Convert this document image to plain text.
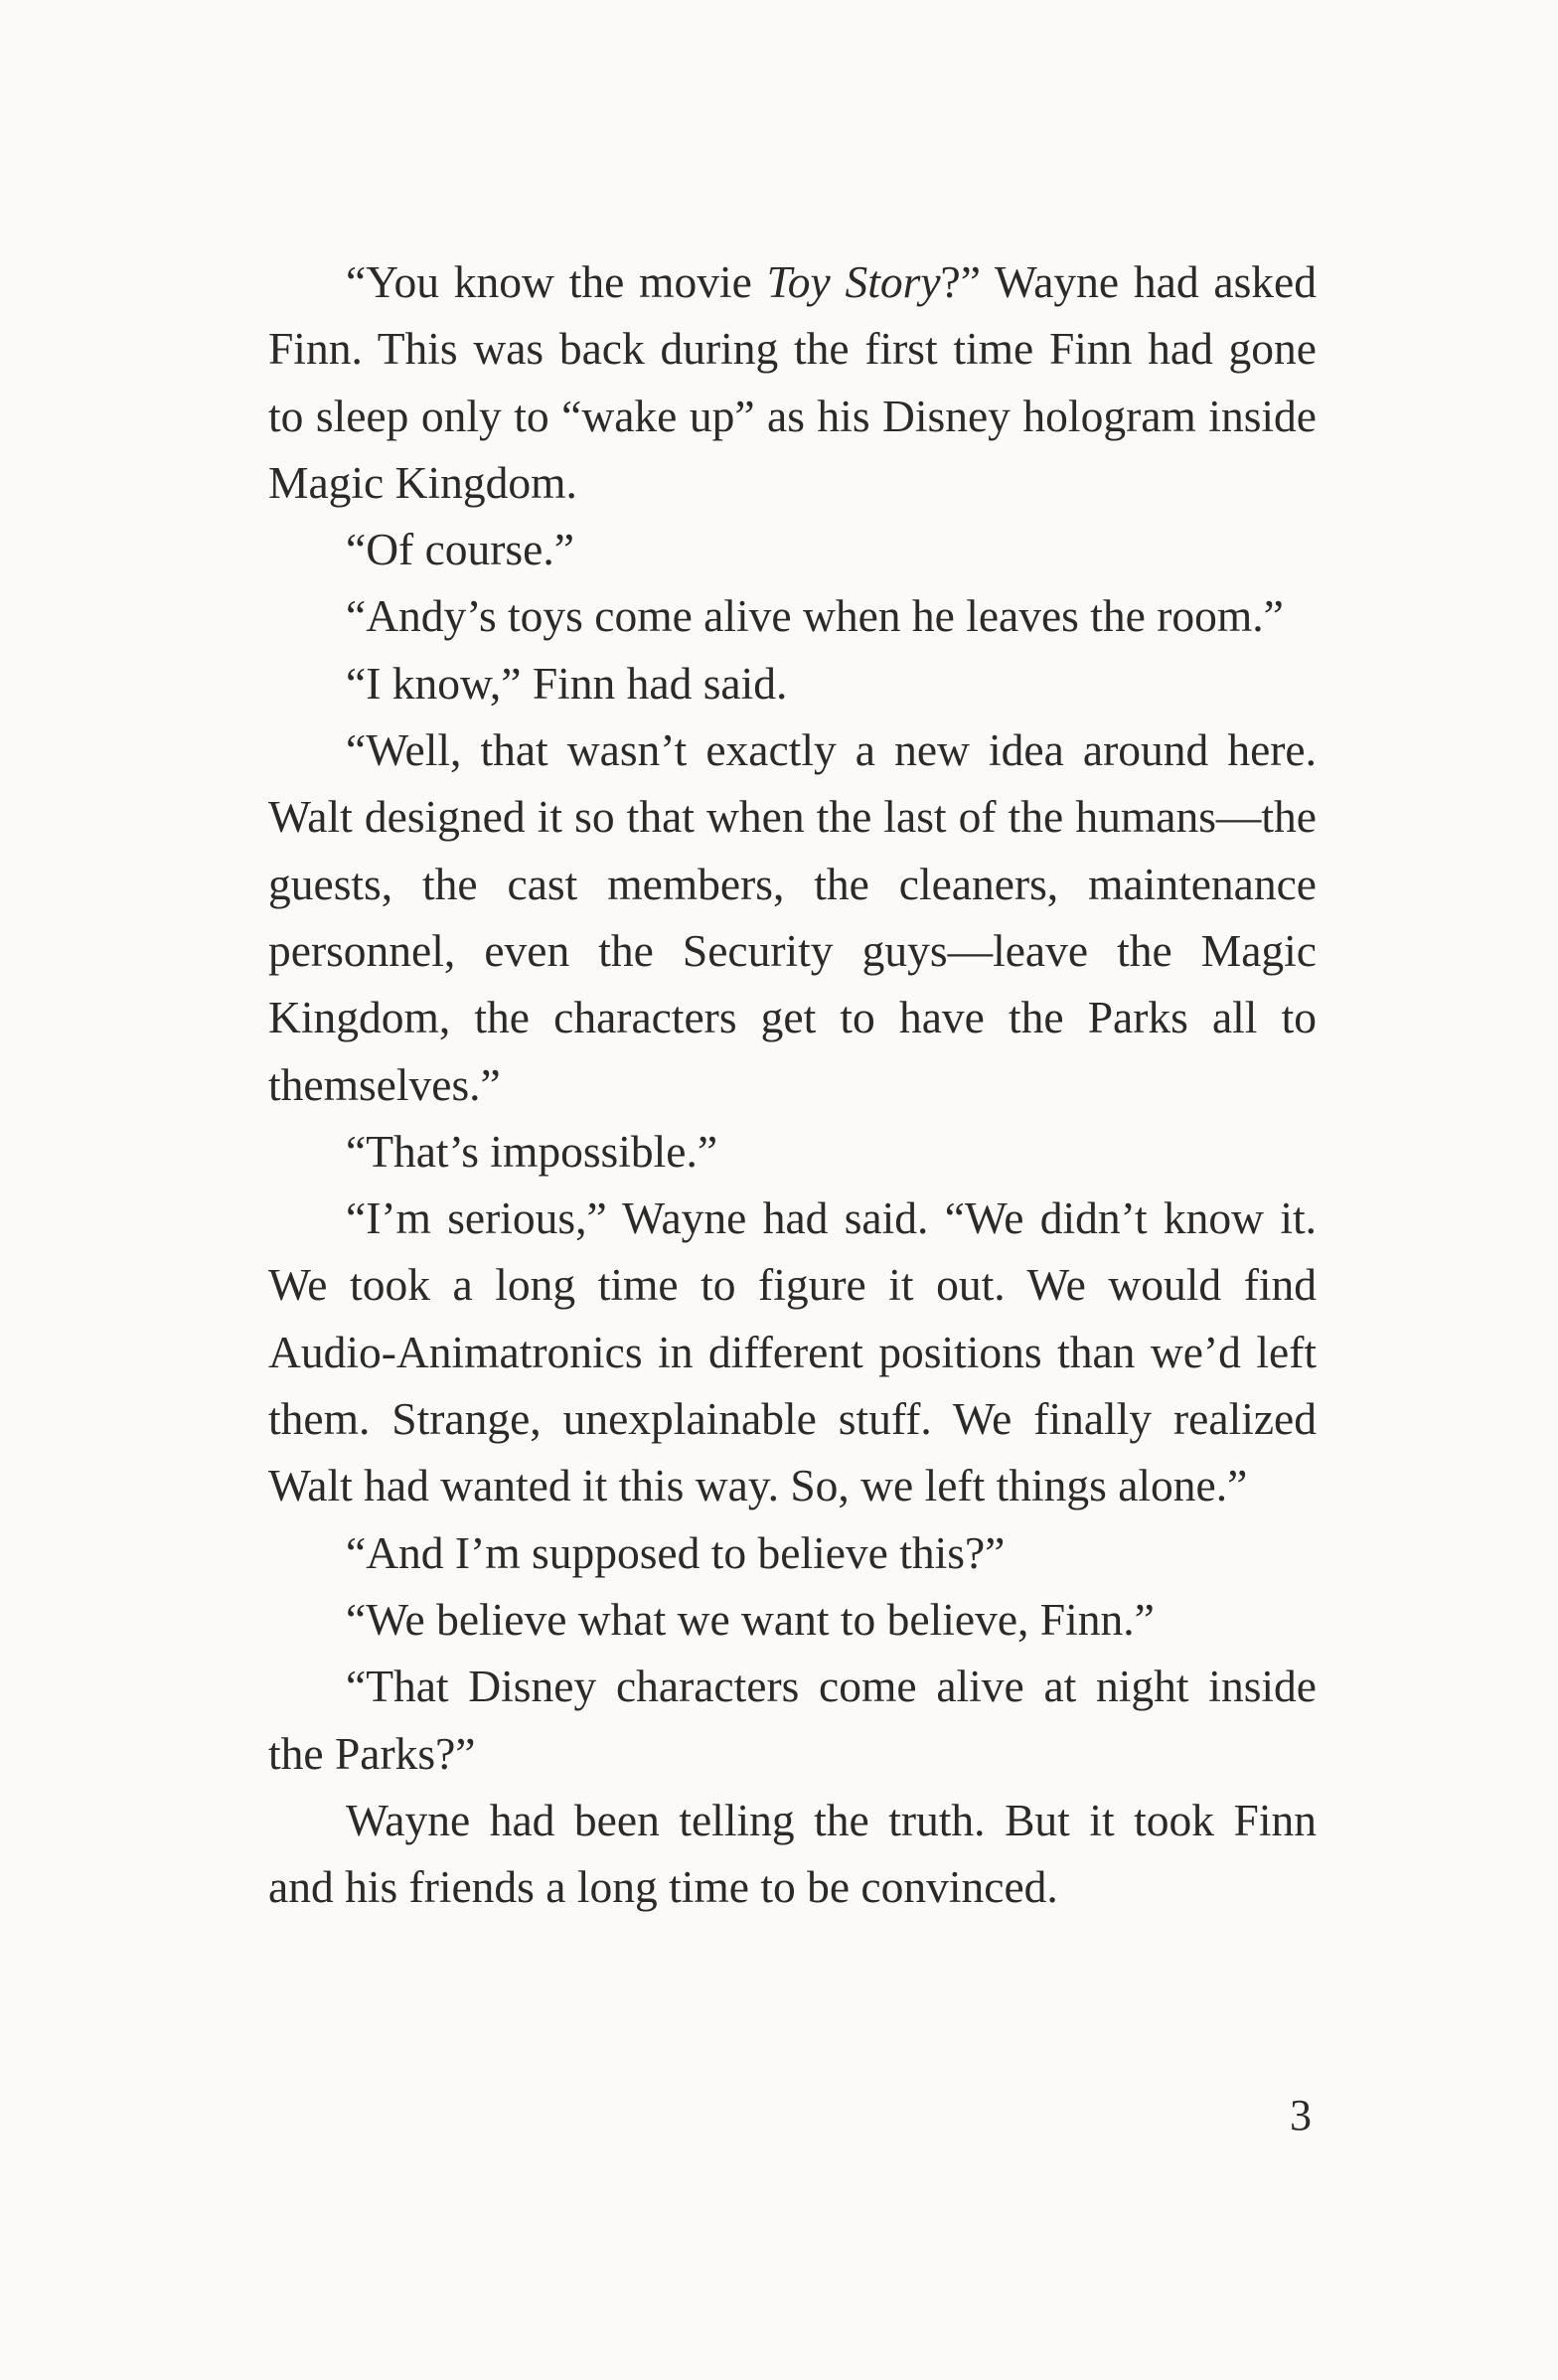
“You know the movie Toy Story?” Wayne had asked Finn. This was back during the first time Finn had gone to sleep only to “wake up” as his Disney hologram inside Magic Kingdom.

“Of course.”

“Andy’s toys come alive when he leaves the room.”

“I know,” Finn had said.

“Well, that wasn’t exactly a new idea around here. Walt designed it so that when the last of the humans—the guests, the cast members, the cleaners, maintenance personnel, even the Security guys—leave the Magic Kingdom, the characters get to have the Parks all to themselves.”

“That’s impossible.”

“I’m serious,” Wayne had said. “We didn’t know it. We took a long time to figure it out. We would find Audio-Animatronics in different positions than we’d left them. Strange, unexplainable stuff. We finally realized Walt had wanted it this way. So, we left things alone.”

“And I’m supposed to believe this?”

“We believe what we want to believe, Finn.”

“That Disney characters come alive at night inside the Parks?”

Wayne had been telling the truth. But it took Finn and his friends a long time to be convinced.

3
